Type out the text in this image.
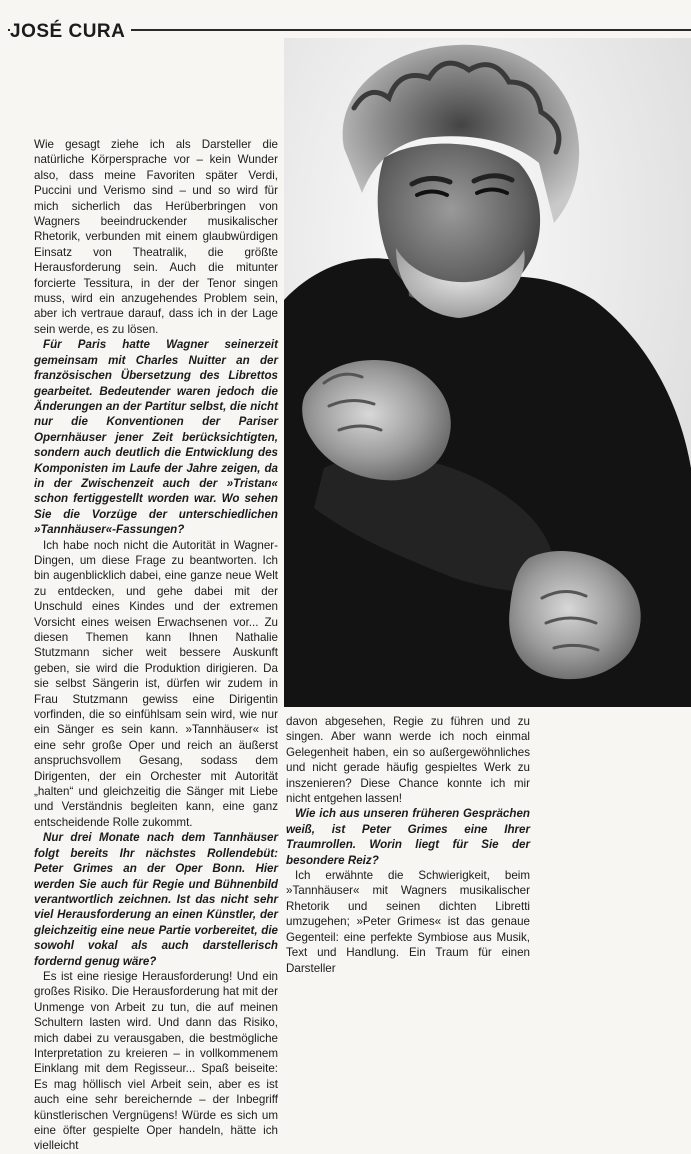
JOSÉ CURA

Wie gesagt ziehe ich als Darsteller die natürliche Körpersprache vor – kein Wunder also, dass meine Favoriten später Verdi, Puccini und Verismo sind – und so wird für mich sicherlich das Herüberbringen von Wagners beeindruckender musikalischer Rhetorik, verbunden mit einem glaubwürdigen Einsatz von Theatralik, die größte Herausforderung sein. Auch die mitunter forcierte Tessitura, in der der Tenor singen muss, wird ein anzugehendes Problem sein, aber ich vertraue darauf, dass ich in der Lage sein werde, es zu lösen.

Für Paris hatte Wagner seinerzeit gemeinsam mit Charles Nuitter an der französischen Übersetzung des Librettos gearbeitet. Bedeutender waren jedoch die Änderungen an der Partitur selbst, die nicht nur die Konventionen der Pariser Opernhäuser jener Zeit berücksichtigten, sondern auch deutlich die Entwicklung des Komponisten im Laufe der Jahre zeigen, da in der Zwischenzeit auch der »Tristan« schon fertiggestellt worden war. Wo sehen Sie die Vorzüge der unterschiedlichen »Tannhäuser«-Fassungen?

Ich habe noch nicht die Autorität in Wagner-Dingen, um diese Frage zu beantworten. Ich bin augenblicklich dabei, eine ganze neue Welt zu entdecken, und gehe dabei mit der Unschuld eines Kindes und der extremen Vorsicht eines weisen Erwachsenen vor... Zu diesen Themen kann Ihnen Nathalie Stutzmann sicher weit bessere Auskunft geben, sie wird die Produktion dirigieren. Da sie selbst Sängerin ist, dürfen wir zudem in Frau Stutzmann gewiss eine Dirigentin vorfinden, die so einfühlsam sein wird, wie nur ein Sänger es sein kann. »Tannhäuser« ist eine sehr große Oper und reich an äußerst anspruchsvollem Gesang, sodass dem Dirigenten, der ein Orchester mit Autorität „halten“ und gleichzeitig die Sänger mit Liebe und Verständnis begleiten kann, eine ganz entscheidende Rolle zukommt.

Nur drei Monate nach dem Tannhäuser folgt bereits Ihr nächstes Rollendebüt: Peter Grimes an der Oper Bonn. Hier werden Sie auch für Regie und Bühnenbild verantwortlich zeichnen. Ist das nicht sehr viel Herausforderung an einen Künstler, der gleichzeitig eine neue Partie vorbereitet, die sowohl vokal als auch darstellerisch fordernd genug wäre?

Es ist eine riesige Herausforderung! Und ein großes Risiko. Die Herausforderung hat mit der Unmenge von Arbeit zu tun, die auf meinen Schultern lasten wird. Und dann das Risiko, mich dabei zu verausgaben, die bestmögliche Interpretation zu kreieren – in vollkommenem Einklang mit dem Regisseur... Spaß beiseite: Es mag höllisch viel Arbeit sein, aber es ist auch eine sehr bereichernde – der Inbegriff künstlerischen Vergnügens! Würde es sich um eine öfter gespielte Oper handeln, hätte ich vielleicht

davon abgesehen, Regie zu führen und zu singen. Aber wann werde ich noch einmal Gelegenheit haben, ein so außergewöhnliches und nicht gerade häufig gespieltes Werk zu inszenieren? Diese Chance konnte ich mir nicht entgehen lassen!

Wie ich aus unseren früheren Gesprächen weiß, ist Peter Grimes eine Ihrer Traumrollen. Worin liegt für Sie der besondere Reiz?

Ich erwähnte die Schwierigkeit, beim »Tannhäuser« mit Wagners musikalischer Rhetorik und seinen dichten Libretti umzugehen; »Peter Grimes« ist das genaue Gegenteil: eine perfekte Symbiose aus Musik, Text und Handlung. Ein Traum für einen Darsteller
